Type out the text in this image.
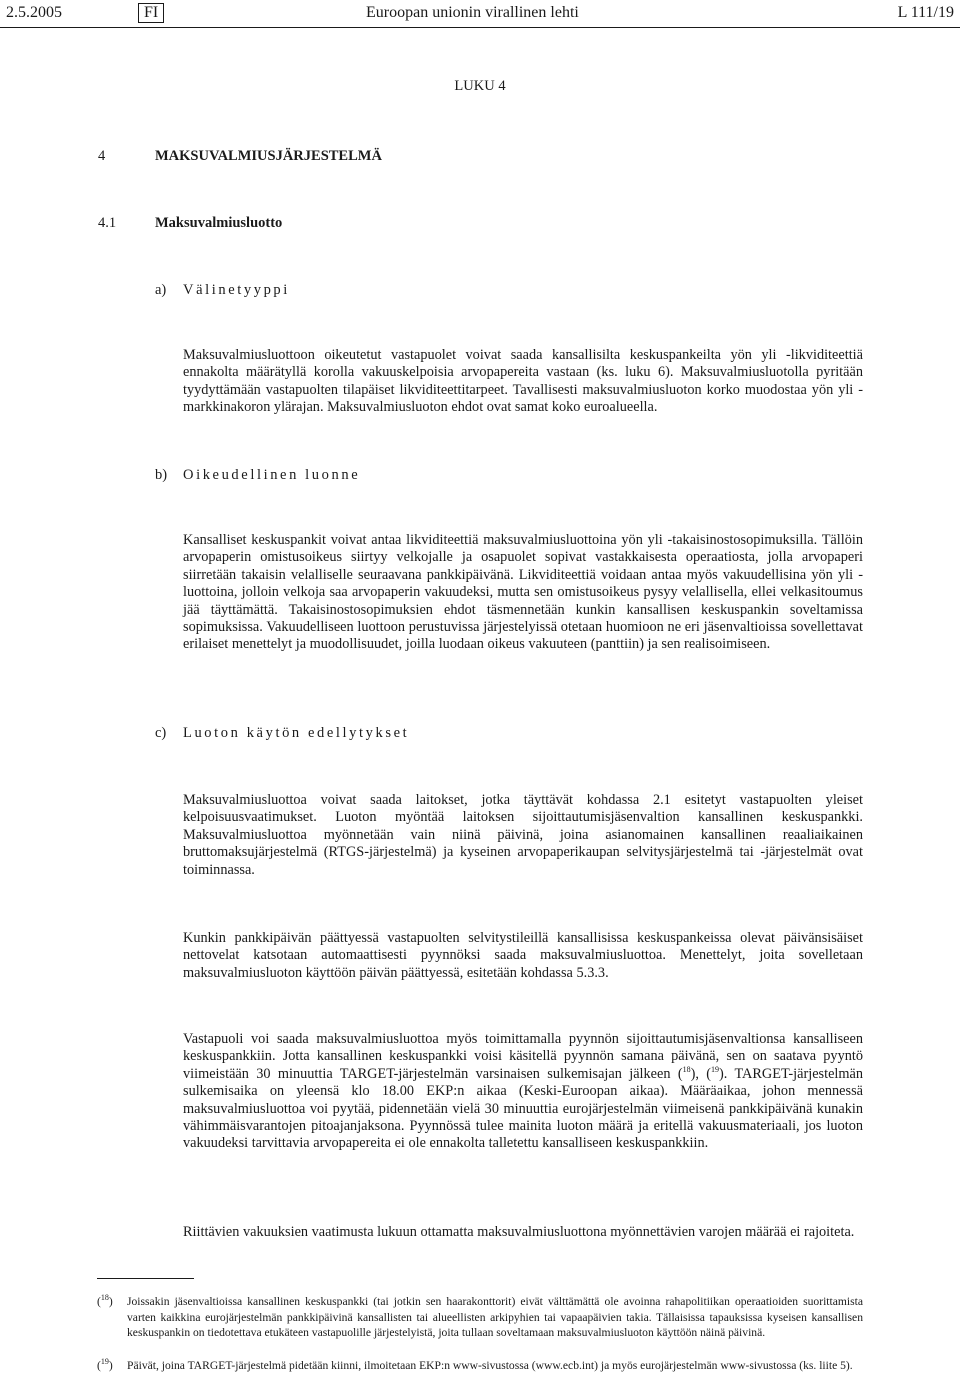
2.5.2005	FI	Euroopan unionin virallinen lehti	L 111/19
LUKU 4
4	MAKSUVALMIUSJÄRJESTELMÄ
4.1	Maksuvalmiusluotto
a) Välinetyyppi
Maksuvalmiusluottoon oikeutetut vastapuolet voivat saada kansallisilta keskuspankeilta yön yli -likviditeettiä ennakolta määrätyllä korolla vakuuskelpoisia arvopapereita vastaan (ks. luku 6). Maksuvalmiusluotolla pyritään tyydyttämään vastapuolten tilapäiset likviditeettitarpeet. Tavallisesti maksuvalmiusluoton korko muodostaa yön yli -markkinakoron ylärajan. Maksuvalmiusluoton ehdot ovat samat koko euroalueella.
b) Oikeudellinen luonne
Kansalliset keskuspankit voivat antaa likviditeettiä maksuvalmiusluottoina yön yli -takaisinostosopimuksilla. Tällöin arvopaperin omistusoikeus siirtyy velkojalle ja osapuolet sopivat vastakkaisesta operaatiosta, jolla arvopaperi siirretään takaisin velalliselle seuraavana pankkipäivänä. Likviditeettiä voidaan antaa myös vakuudellisina yön yli -luottoina, jolloin velkoja saa arvopaperin vakuudeksi, mutta sen omistusoikeus pysyy velallisella, ellei velkasitoumus jää täyttämättä. Takaisinostosopimuksien ehdot täsmennetään kunkin kansallisen keskuspankin soveltamissa sopimuksissa. Vakuudelliseen luottoon perustuvissa järjestelyissä otetaan huomioon ne eri jäsenvaltioissa sovellettavat erilaiset menettelyt ja muodollisuudet, joilla luodaan oikeus vakuuteen (panttiin) ja sen realisoimiseen.
c) Luoton käytön edellytykset
Maksuvalmiusluottoa voivat saada laitokset, jotka täyttävät kohdassa 2.1 esitetyt vastapuolten yleiset kelpoisuusvaatimukset. Luoton myöntää laitoksen sijoittautumisjäsenvaltion kansallinen keskuspankki. Maksuvalmiusluottoa myönnetään vain niinä päivinä, joina asianomainen kansallinen reaaliaikainen bruttomaksujärjestelmä (RTGS-järjestelmä) ja kyseinen arvopaperikaupan selvitysjärjestelmä tai -järjestelmät ovat toiminnassa.
Kunkin pankkipäivän päättyessä vastapuolten selvitystileillä kansallisissa keskuspankeissa olevat päivänsisäiset nettovelat katsotaan automaattisesti pyynnöksi saada maksuvalmiusluottoa. Menettelyt, joita sovelletaan maksuvalmiusluoton käyttöön päivän päättyessä, esitetään kohdassa 5.3.3.
Vastapuoli voi saada maksuvalmiusluottoa myös toimittamalla pyynnön sijoittautumisjäsenvaltionsa kansalliseen keskuspankkiin. Jotta kansallinen keskuspankki voisi käsitellä pyynnön samana päivänä, sen on saatava pyyntö viimeistään 30 minuuttia TARGET-järjestelmän varsinaisen sulkemisajan jälkeen ($^{18}$), ($^{19}$). TARGET-järjestelmän sulkemisaika on yleensä klo 18.00 EKP:n aikaa (Keski-Euroopan aikaa). Määräaikaa, johon mennessä maksuvalmiusluottoa voi pyytää, pidennetään vielä 30 minuuttia eurojärjestelmän viimeisenä pankkipäivänä kunakin vähimmäisvarantojen pitoajanjaksona. Pyynnössä tulee mainita luoton määrä ja eritellä vakuusmateriaali, jos luoton vakuudeksi tarvittavia arvopapereita ei ole ennakolta talletettu kansalliseen keskuspankkiin.
Riittävien vakuuksien vaatimusta lukuun ottamatta maksuvalmiusluottona myönnettävien varojen määrää ei rajoiteta.
($^{18}$) Joissakin jäsenvaltioissa kansallinen keskuspankki (tai jotkin sen haarakonttorit) eivät välttämättä ole avoinna rahapolitiikan operaatioiden suorittamista varten kaikkina eurojärjestelmän pankkipäivinä kansallisten tai alueellisten arkipyhien tai vapaapäivien takia. Tällaisissa tapauksissa kyseisen kansallisen keskuspankin on tiedotettava etukäteen vastapuolille järjestelyistä, joita tullaan soveltamaan maksuvalmiusluoton käyttöön näinä päivinä.
($^{19}$) Päivät, joina TARGET-järjestelmä pidetään kiinni, ilmoitetaan EKP:n www-sivustossa (www.ecb.int) ja myös eurojärjestelmän www-sivustossa (ks. liite 5).
